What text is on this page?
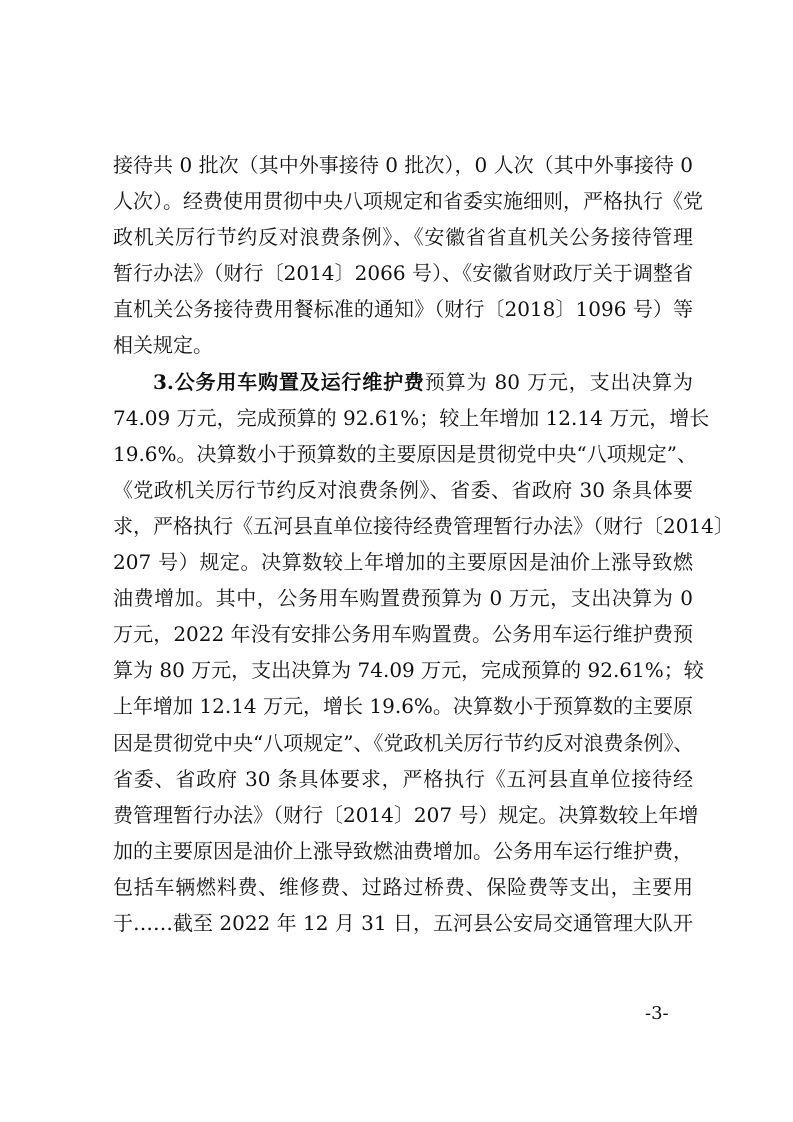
接待共 0 批次（其中外事接待 0 批次），0 人次（其中外事接待 0
人次）。经费使用贯彻中央八项规定和省委实施细则，严格执行《党
政机关厉行节约反对浪费条例》、《安徽省省直机关公务接待管理
暂行办法》（财行〔2014〕2066 号）、《安徽省财政厅关于调整省
直机关公务接待费用餐标准的通知》（财行〔2018〕1096 号）等
相关规定。
3.公务用车购置及运行维护费预算为 80 万元，支出决算为
74.09 万元，完成预算的 92.61%；较上年增加 12.14 万元，增长
19.6%。决算数小于预算数的主要原因是贯彻党中央“八项规定”、
《党政机关厉行节约反对浪费条例》、省委、省政府 30 条具体要
求，严格执行《五河县直单位接待经费管理暂行办法》（财行〔2014〕
207 号）规定。决算数较上年增加的主要原因是油价上涨导致燃
油费增加。其中，公务用车购置费预算为 0 万元，支出决算为 0
万元，2022 年没有安排公务用车购置费。公务用车运行维护费预
算为 80 万元，支出决算为 74.09 万元，完成预算的 92.61%；较
上年增加 12.14 万元，增长 19.6%。决算数小于预算数的主要原
因是贯彻党中央“八项规定”、《党政机关厉行节约反对浪费条例》、
省委、省政府 30 条具体要求，严格执行《五河县直单位接待经
费管理暂行办法》（财行〔2014〕207 号）规定。决算数较上年增
加的主要原因是油价上涨导致燃油费增加。公务用车运行维护费，
包括车辆燃料费、维修费、过路过桥费、保险费等支出，主要用
于……截至 2022 年 12 月 31 日，五河县公安局交通管理大队开
-3-
